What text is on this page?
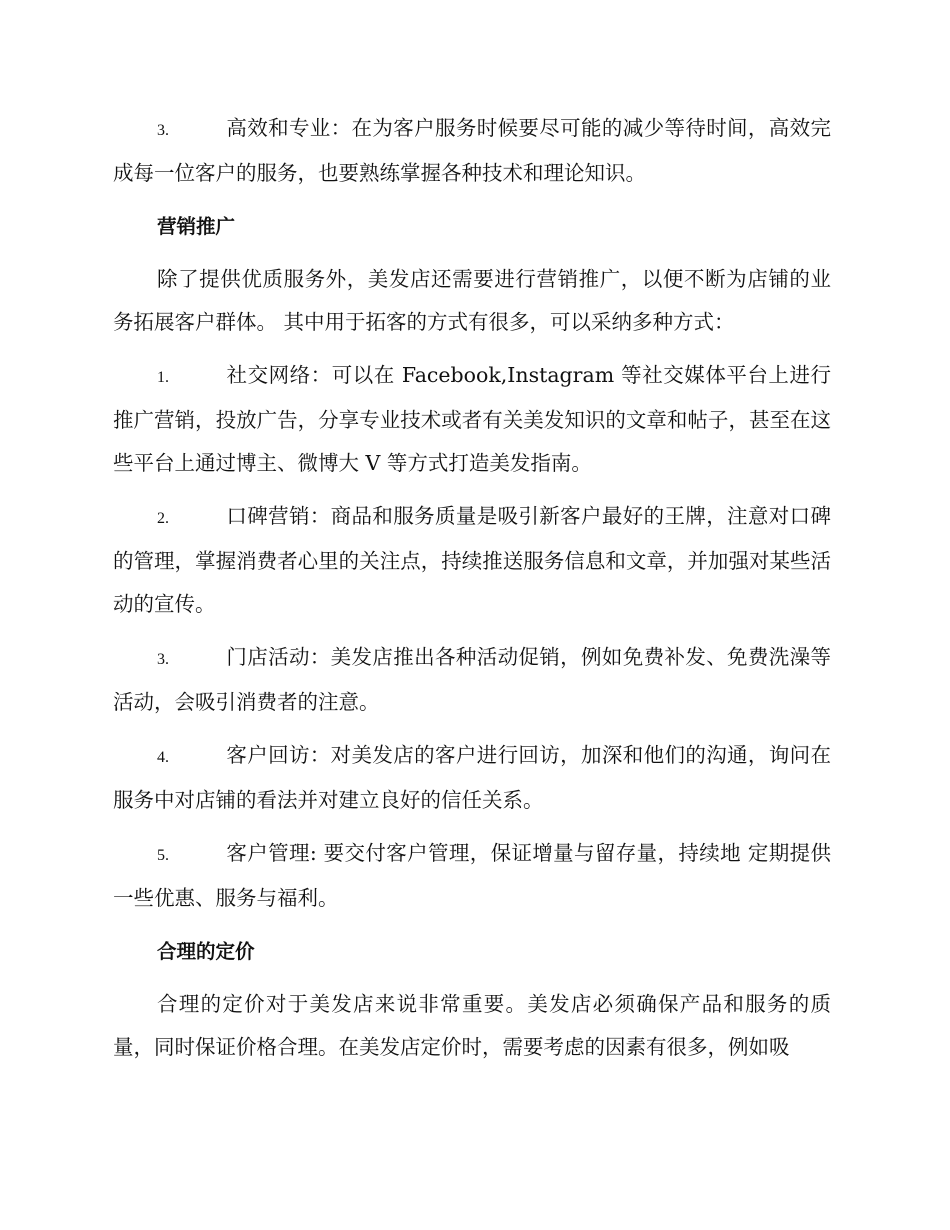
3.	高效和专业：在为客户服务时候要尽可能的减少等待时间，高效完成每一位客户的服务，也要熟练掌握各种技术和理论知识。

营销推广

除了提供优质服务外，美发店还需要进行营销推广，以便不断为店铺的业务拓展客户群体。 其中用于拓客的方式有很多，可以采纳多种方式：

1.	社交网络：可以在 Facebook,Instagram 等社交媒体平台上进行推广营销，投放广告，分享专业技术或者有关美发知识的文章和帖子，甚至在这些平台上通过博主、微博大 V 等方式打造美发指南。

2.	口碑营销：商品和服务质量是吸引新客户最好的王牌，注意对口碑的管理，掌握消费者心里的关注点，持续推送服务信息和文章，并加强对某些活动的宣传。

3.	门店活动：美发店推出各种活动促销，例如免费补发、免费洗澡等活动，会吸引消费者的注意。

4.	客户回访：对美发店的客户进行回访，加深和他们的沟通，询问在服务中对店铺的看法并对建立良好的信任关系。

5.	客户管理: 要交付客户管理，保证增量与留存量，持续地 定期提供一些优惠、服务与福利。

合理的定价

合理的定价对于美发店来说非常重要。美发店必须确保产品和服务的质量，同时保证价格合理。在美发店定价时，需要考虑的因素有很多，例如吸
